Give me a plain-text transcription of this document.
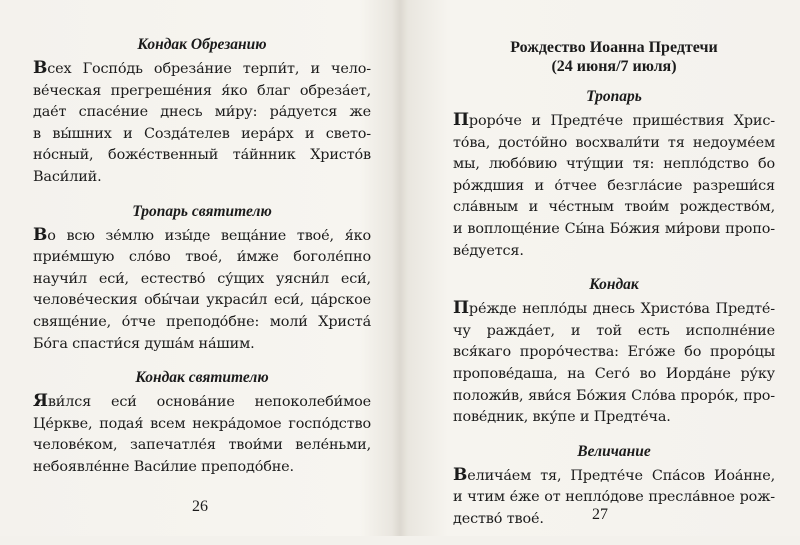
Кондак Обрезанию
Всех Госпо́дь обреза́ние терпи́т, и чело-
ве́ческая прегреше́ния я́ко благ обреза́ет,
дае́т спасе́ние днесь ми́ру: ра́дуется же
в вы́шних и Созда́телев иера́рх и свето-
но́сный, боже́ственный та́йнник Христо́в
Васи́лий.
Тропарь святителю
Во всю зе́млю изы́де веща́ние твое́, я́ко
прие́мшую сло́во твое́, и́мже боголе́пно
научи́л еси́, естество́ су́щих уясни́л еси́,
челове́ческия обы́чаи украси́л еси́, ца́рское
свяще́ние, о́тче преподо́бне: моли́ Христа́
Бо́га спасти́ся душа́м на́шим.
Кондак святителю
Яви́лся еси́ основа́ние непоколеби́мое
Це́ркве, подая́ всем некра́домое госпо́дство
челове́ком, запечатле́я твои́ми веле́ньми,
небоявле́нне Васи́лие преподо́бне.
26
Рождество Иоанна Предтечи
(24 июня/7 июля)
Тропарь
Проро́че и Предте́че прише́ствия Хрис-
то́ва, досто́йно восхвали́ти тя недоуме́ем
мы, любо́вию чту́щии тя: непло́дство бо
ро́ждшия и о́тчее безгла́сие разреши́ся
сла́вным и че́стным твои́м рождество́м,
и воплоще́ние Сы́на Бо́жия ми́рови пропо-
ве́дуется.
Кондак
Пре́жде непло́ды днесь Христо́ва Предте́-
чу ражда́ет, и той есть исполне́ние
вся́каго проро́чества: Его́же бо проро́цы
пропове́даша, на Сего́ во Иорда́не ру́ку
положи́в, яви́ся Бо́жия Сло́ва проро́к, про-
пове́дник, вку́пе и Предте́ча.
Величание
Велича́ем тя, Предте́че Спа́сов Иоа́нне,
и чтим е́же от непло́дове пресла́вное рож-
дество́ твое́.	27
